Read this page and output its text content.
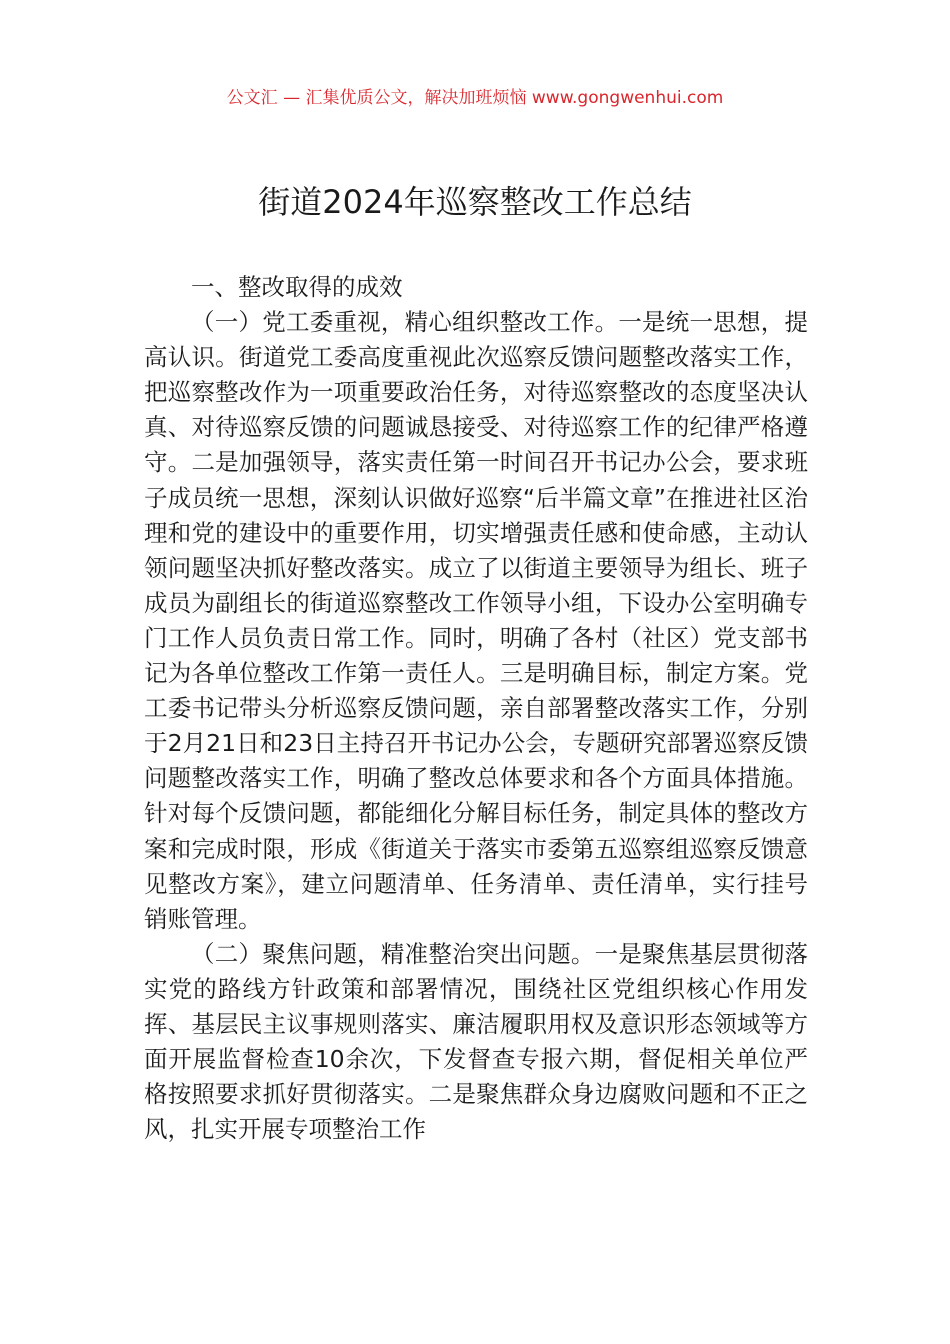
公文汇 — 汇集优质公文，解决加班烦恼 www.gongwenhui.com
街道2024年巡察整改工作总结

一、整改取得的成效

（一）党工委重视，精心组织整改工作。一是统一思想，提高认识。街道党工委高度重视此次巡察反馈问题整改落实工作，把巡察整改作为一项重要政治任务，对待巡察整改的态度坚决认真、对待巡察反馈的问题诚恳接受、对待巡察工作的纪律严格遵守。二是加强领导，落实责任第一时间召开书记办公会，要求班子成员统一思想，深刻认识做好巡察“后半篇文章”在推进社区治理和党的建设中的重要作用，切实增强责任感和使命感，主动认领问题坚决抓好整改落实。成立了以街道主要领导为组长、班子成员为副组长的街道巡察整改工作领导小组，下设办公室明确专门工作人员负责日常工作。同时，明确了各村（社区）党支部书记为各单位整改工作第一责任人。三是明确目标，制定方案。党工委书记带头分析巡察反馈问题，亲自部署整改落实工作，分别于2月21日和23日主持召开书记办公会，专题研究部署巡察反馈问题整改落实工作，明确了整改总体要求和各个方面具体措施。针对每个反馈问题，都能细化分解目标任务，制定具体的整改方案和完成时限，形成《街道关于落实市委第五巡察组巡察反馈意见整改方案》，建立问题清单、任务清单、责任清单，实行挂号销账管理。

（二）聚焦问题，精准整治突出问题。一是聚焦基层贯彻落实党的路线方针政策和部署情况，围绕社区党组织核心作用发挥、基层民主议事规则落实、廉洁履职用权及意识形态领域等方面开展监督检查10余次，下发督查专报六期，督促相关单位严格按照要求抓好贯彻落实。二是聚焦群众身边腐败问题和不正之风，扎实开展专项整治工作
